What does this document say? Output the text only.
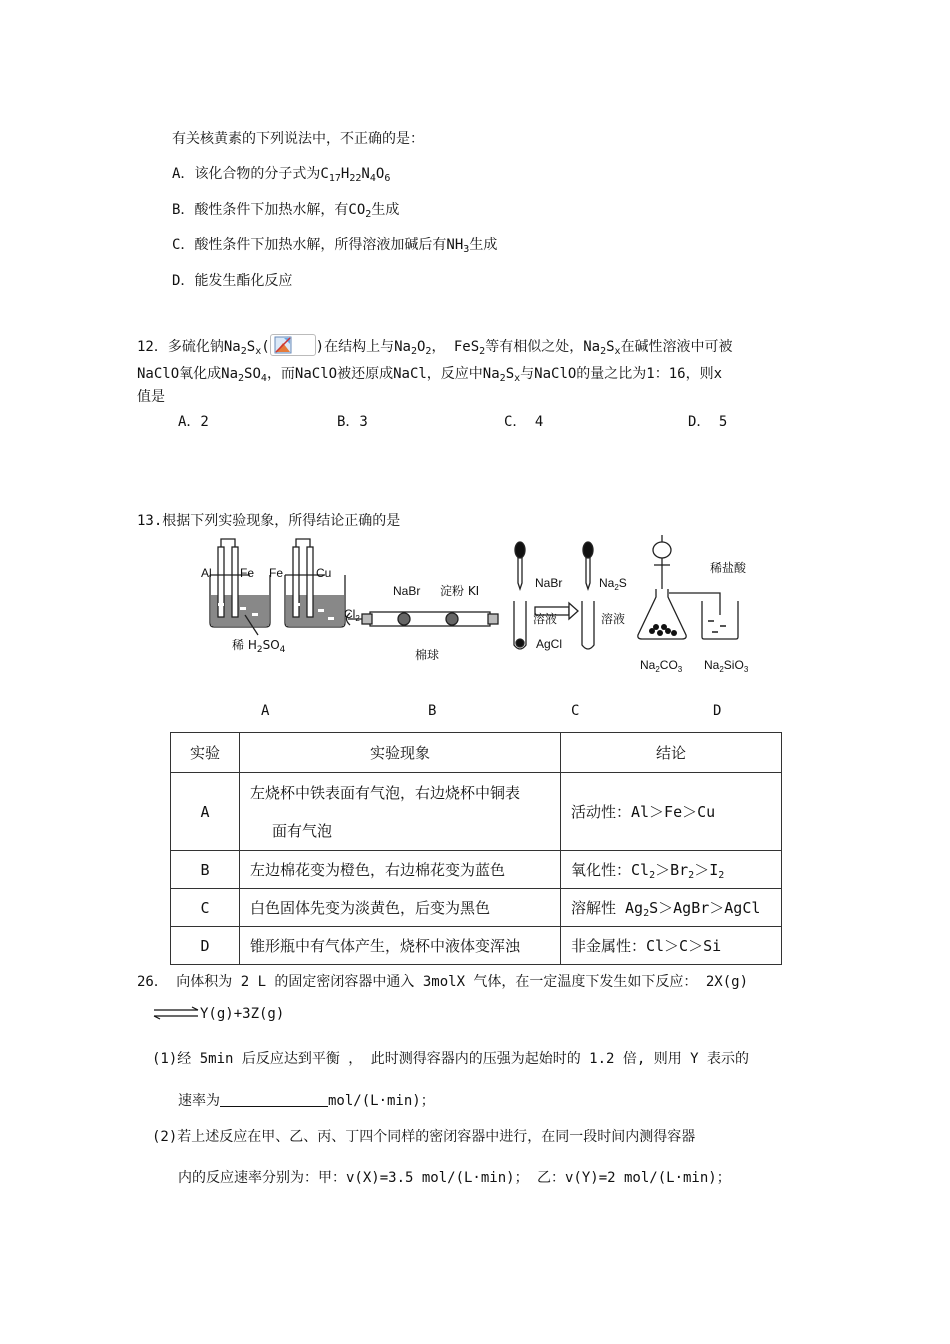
有关核黄素的下列说法中，不正确的是：
A．该化合物的分子式为$C_{17}H_{22}N_4O_6$
B．酸性条件下加热水解，有$CO_2$生成
C．酸性条件下加热水解，所得溶液加碱后有$NH_3$生成
D．能发生酯化反应
12．多硫化钠$Na_2S_x$(	)在结构上与$Na_2O_2$， FeS$_2$等有相似之处，$Na_2S_x$在碱性溶液中可被
NaClO氧化成$Na_2SO_4$，而NaClO被还原成NaCl，反应中$Na_2S_x$与NaClO的量之比为1：16，则x
值是
A．2	B．3	C． 4	D． 5
13.根据下列实验现象，所得结论正确的是
Al Fe Fe	Cu
稀 $H_2SO_4$
NaBr 淀粉 KI
$Cl_2$
棉球
NaBr	$Na_2S$
溶液	溶液
AgCl
稀盐酸
$Na_2CO_3$ $Na_2SiO_3$
A	B	C	D
实验	实验现象	结论
A	左烧杯中铁表面有气泡，右边烧杯中铜表
面有气泡	活动性：Al＞Fe＞Cu
B	左边棉花变为橙色，右边棉花变为蓝色	氧化性：$Cl_2>Br_2>I_2$
C	白色固体先变为淡黄色，后变为黑色	溶解性 $Ag_2S>AgBr>AgCl$
D	锥形瓶中有气体产生，烧杯中液体变浑浊	非金属性：Cl＞C＞Si
26． 向体积为 2 L 的固定密闭容器中通入 3molX 气体，在一定温度下发生如下反应： 2X(g)
⇌Y(g)+3Z(g)
(1)经 5min 后反应达到平衡 ， 此时测得容器内的压强为起始时的 1.2 倍, 则用 Y 表示的
速率为	mol/(L·min)；
(2)若上述反应在甲、乙、丙、丁四个同样的密闭容器中进行，在同一段时间内测得容器
内的反应速率分别为：甲：v(X)=3.5 mol/(L·min)； 乙：v(Y)=2 mol/(L·min)；
